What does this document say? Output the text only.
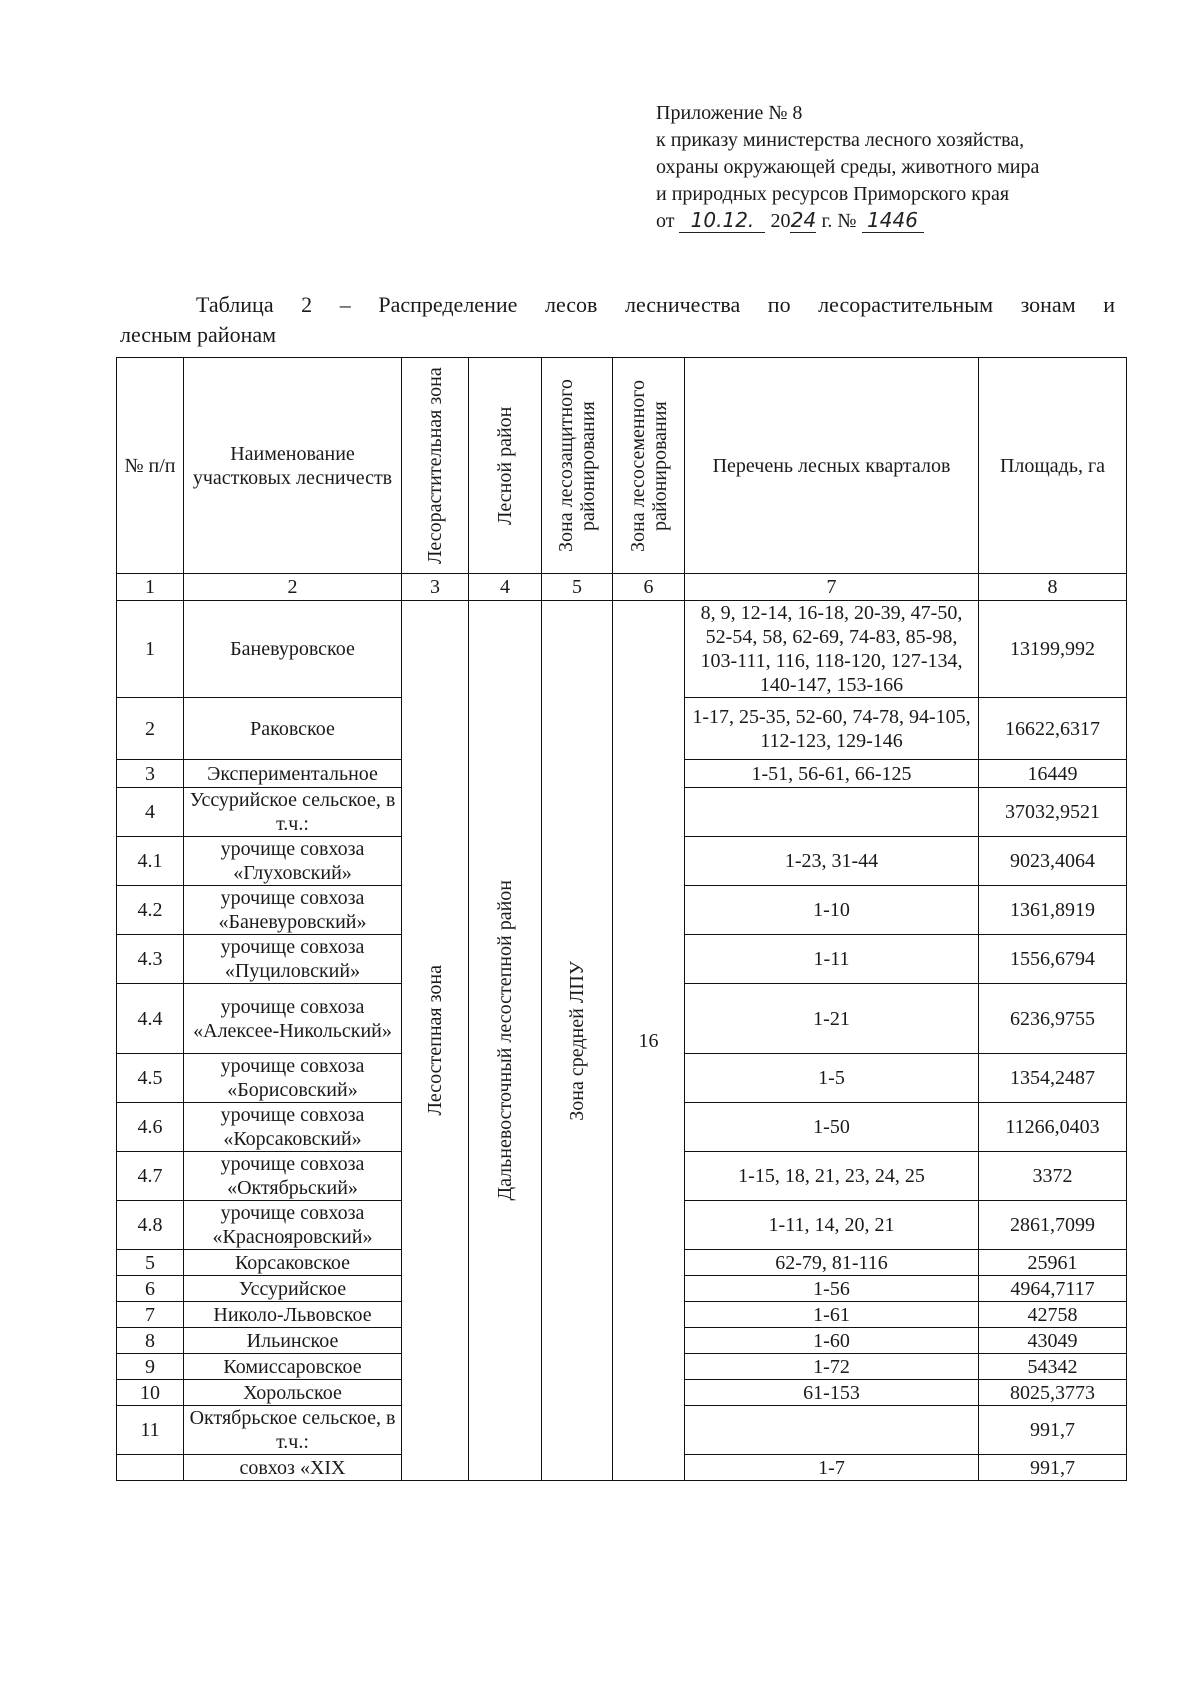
Приложение № 8
к приказу министерства лесного хозяйства,
охраны окружающей среды, животного мира
и природных ресурсов Приморского края
от 10.12. 2024 г. № 1446
Таблица 2 – Распределение лесов лесничества по лесорастительным зонам и
лесным районам
№ п/п	Наименование участковых лесничеств	Лесорастительная зона	Лесной район	Зона лесозащитного районирования	Зона лесосеменного районирования	Перечень лесных кварталов	Площадь, га
1	2	3	4	5	6	7	8
1	Баневуровское	Лесостепная зона	Дальневосточный лесостепной район	Зона средней ЛПУ	16	8, 9, 12-14, 16-18, 20-39, 47-50, 52-54, 58, 62-69, 74-83, 85-98, 103-111, 116, 118-120, 127-134, 140-147, 153-166	13199,992
2	Раковское					1-17, 25-35, 52-60, 74-78, 94-105, 112-123, 129-146	16622,6317
3	Экспериментальное					1-51, 56-61, 66-125	16449
4	Уссурийское сельское, в т.ч.:						37032,9521
4.1	урочище совхоза «Глуховский»					1-23, 31-44	9023,4064
4.2	урочище совхоза «Баневуровский»					1-10	1361,8919
4.3	урочище совхоза «Пуциловский»					1-11	1556,6794
4.4	урочище совхоза «Алексее-Никольский»					1-21	6236,9755
4.5	урочище совхоза «Борисовский»					1-5	1354,2487
4.6	урочище совхоза «Корсаковский»					1-50	11266,0403
4.7	урочище совхоза «Октябрьский»					1-15, 18, 21, 23, 24, 25	3372
4.8	урочище совхоза «Краснояровский»					1-11, 14, 20, 21	2861,7099
5	Корсаковское					62-79, 81-116	25961
6	Уссурийское					1-56	4964,7117
7	Николо-Львовское					1-61	42758
8	Ильинское					1-60	43049
9	Комиссаровское					1-72	54342
10	Хорольское					61-153	8025,3773
11	Октябрьское сельское, в т.ч.:						991,7
	совхоз «XIX					1-7	991,7
